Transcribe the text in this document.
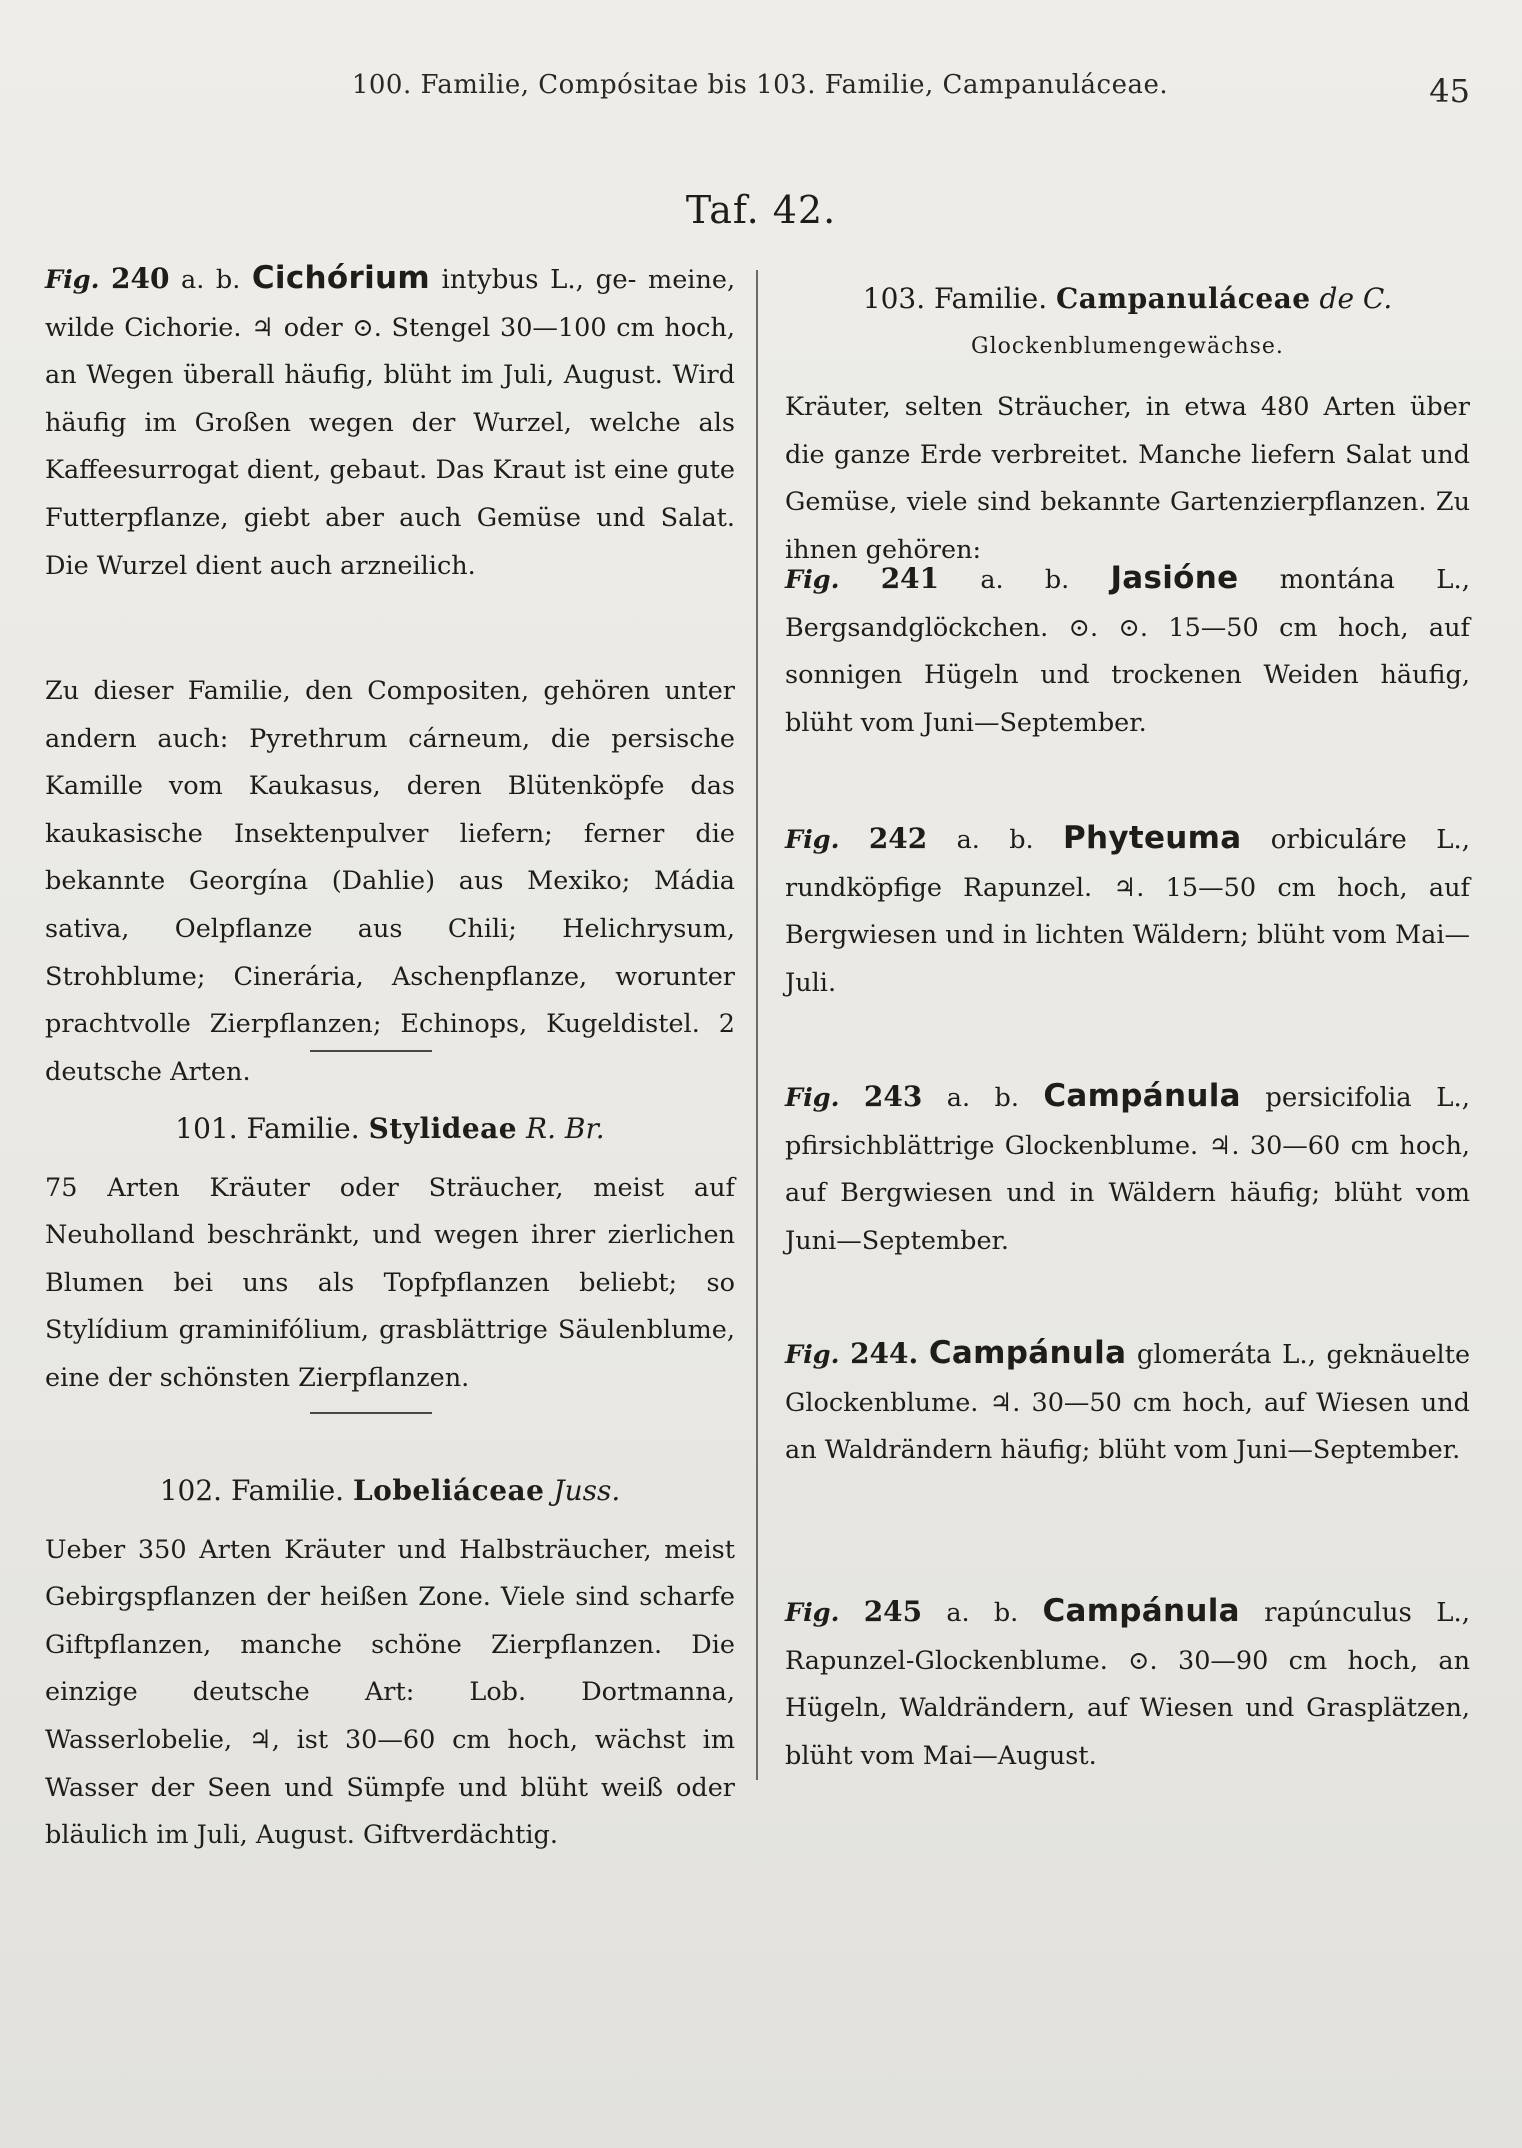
100. Familie, Compósitae bis 103. Familie, Campanuláceae.	45
Taf. 42.

Fig. 240 a. b. Cichórium intybus L., ge- meine, wilde Cichorie. ♃ oder ⊙. Stengel 30—100 cm hoch, an Wegen überall häufig, blüht im Juli, August. Wird häufig im Großen wegen der Wurzel, welche als Kaffeesurrogat dient, gebaut. Das Kraut ist eine gute Futterpflanze, giebt aber auch Gemüse und Salat. Die Wurzel dient auch arzneilich.

Zu dieser Familie, den Compositen, gehören unter andern auch: Pyrethrum cárneum, die persische Kamille vom Kaukasus, deren Blütenköpfe das kaukasische Insektenpulver liefern; ferner die bekannte Georgína (Dahlie) aus Mexiko; Mádia sativa, Oelpflanze aus Chili; Helichrysum, Strohblume; Cinerária, Aschenpflanze, worunter prachtvolle Zierpflanzen; Echinops, Kugeldistel. 2 deutsche Arten.

101. Familie. Stylideae R. Br.

75 Arten Kräuter oder Sträucher, meist auf Neuholland beschränkt, und wegen ihrer zierlichen Blumen bei uns als Topfpflanzen beliebt; so Stylídium graminifólium, grasblättrige Säulenblume, eine der schönsten Zierpflanzen.

102. Familie. Lobeliáceae Juss.

Ueber 350 Arten Kräuter und Halbsträucher, meist Gebirgspflanzen der heißen Zone. Viele sind scharfe Giftpflanzen, manche schöne Zierpflanzen. Die einzige deutsche Art: Lob. Dortmanna, Wasserlobelie, ♃, ist 30—60 cm hoch, wächst im Wasser der Seen und Sümpfe und blüht weiß oder bläulich im Juli, August. Giftverdächtig.

103. Familie. Campanuláceae de C.

Glockenblumengewächse.

Kräuter, selten Sträucher, in etwa 480 Arten über die ganze Erde verbreitet. Manche liefern Salat und Gemüse, viele sind bekannte Gartenzierpflanzen. Zu ihnen gehören:

Fig. 241 a. b. Jasióne montána L., Bergsandglöckchen. ⊙. ⊙. 15—50 cm hoch, auf sonnigen Hügeln und trockenen Weiden häufig, blüht vom Juni—September.

Fig. 242 a. b. Phyteuma orbiculáre L., rundköpfige Rapunzel. ♃. 15—50 cm hoch, auf Bergwiesen und in lichten Wäldern; blüht vom Mai—Juli.

Fig. 243 a. b. Campánula persicifolia L., pfirsichblättrige Glockenblume. ♃. 30—60 cm hoch, auf Bergwiesen und in Wäldern häufig; blüht vom Juni—September.

Fig. 244. Campánula glomeráta L., geknäuelte Glockenblume. ♃. 30—50 cm hoch, auf Wiesen und an Waldrändern häufig; blüht vom Juni—September.

Fig. 245 a. b. Campánula rapúnculus L., Rapunzel-Glockenblume. ⊙. 30—90 cm hoch, an Hügeln, Waldrändern, auf Wiesen und Grasplätzen, blüht vom Mai—August.
